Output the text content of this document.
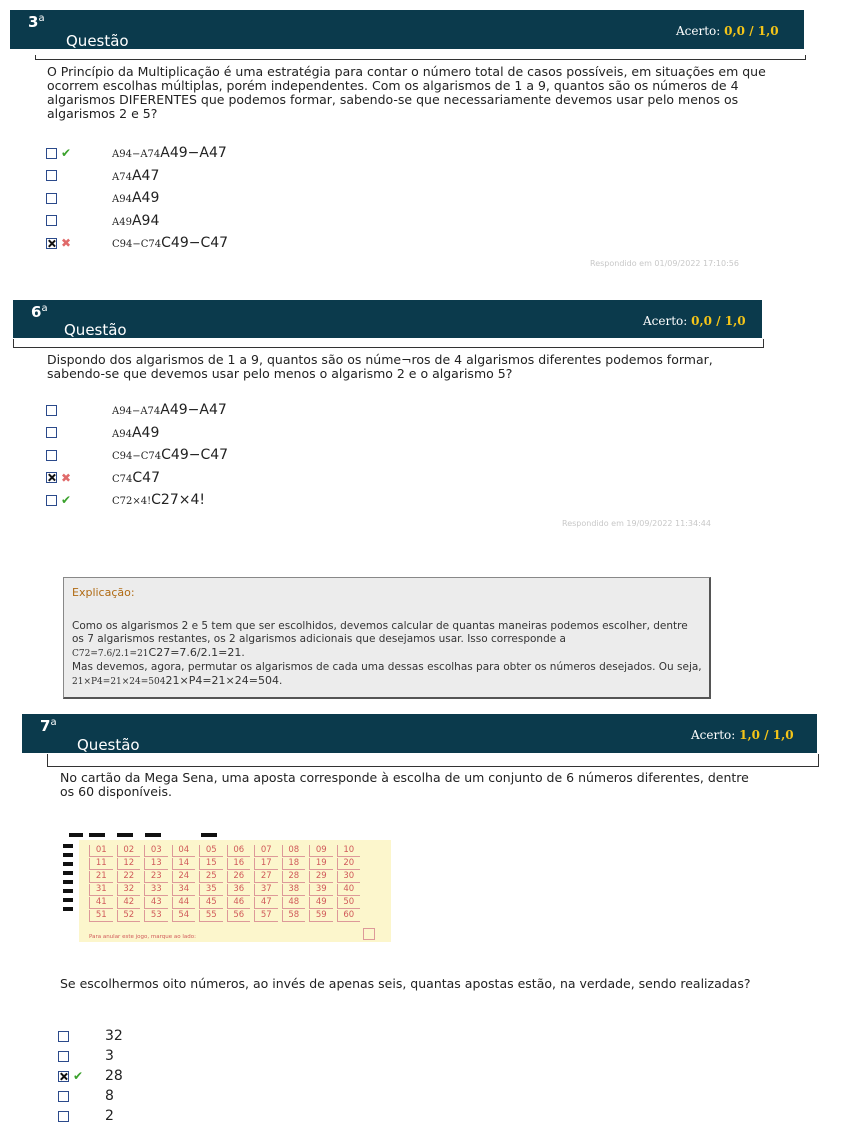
3$^a$
Questão
Acerto: 0,0 / 1,0
O Princípio da Multiplicação é uma estratégia para contar o número total de casos possíveis, em situações em que ocorrem escolhas múltiplas, porém independentes. Com os algarismos de 1 a 9, quantos são os números de 4 algarismos DIFERENTES que podemos formar, sabendo-se que necessariamente devemos usar pelo menos os algarismos 2 e 5?
✔	A94−A74A49−A47
A74A47
A94A49
A49A94
✖	C94−C74C49−C47
Respondido em 01/09/2022 17:10:56
6$^a$
Questão	Acerto: 0,0 / 1,0
Dispondo dos algarismos de 1 a 9, quantos são os núme¬ros de 4 algarismos diferentes podemos formar, sabendo-se que devemos usar pelo menos o algarismo 2 e o algarismo 5?
A94−A74A49−A47
A94A49
C94−C74C49−C47
✖	C74C47
✔	C72×4!C27×4!
Respondido em 19/09/2022 11:34:44
Explicação:
Como os algarismos 2 e 5 tem que ser escolhidos, devemos calcular de quantas maneiras podemos escolher, dentre os 7 algarismos restantes, os 2 algarismos adicionais que desejamos usar. Isso corresponde a C72=7.6/2.1=21C27=7.6/2.1=21.
Mas devemos, agora, permutar os algarismos de cada uma dessas escolhas para obter os números desejados. Ou seja, 21×P4=21×24=50421×P4=21×24=504.
7$^a$
Questão
Acerto: 1,0 / 1,0
No cartão da Mega Sena, uma aposta corresponde à escolha de um conjunto de 6 números diferentes, dentre os 60 disponíveis.
01	02	03	04	05	06	07	08	09	10
11	12	13	14	15	16	17	18	19	20
21	22	23	24	25	26	27	28	29	30
31	32	33	34	35	36	37	38	39	40
41	42	43	44	45	46	47	48	49	50
51	52	53	54	55	56	57	58	59	60
Para anular este jogo, marque ao lado:
Se escolhermos oito números, ao invés de apenas seis, quantas apostas estão, na verdade, sendo realizadas?
32
3
✔ 28
8
2
